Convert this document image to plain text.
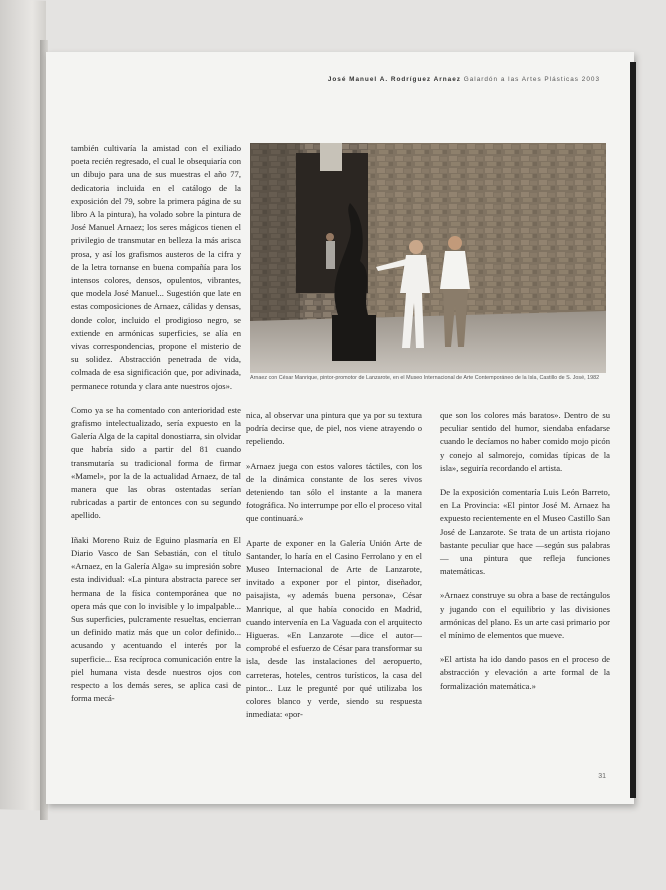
José Manuel A. Rodríguez Arnaez Galardón a las Artes Plásticas 2003

también cultivaría la amistad con el exiliado poeta recién regresado, el cual le obsequiaría con un dibujo para una de sus muestras el año 77, dedicatoria incluida en el catálogo de la exposición del 79, sobre la primera página de su libro A la pintura), ha volado sobre la pintura de José Manuel Arnaez; los seres mágicos tienen el privilegio de transmutar en belleza la más arisca prosa, y así los grafismos austeros de la cifra y de la letra tornanse en buena compañía para los intensos colores, densos, opulentos, vibrantes, que modela José Manuel... Sugestión que late en estas composiciones de Arnaez, cálidas y densas, donde color, incluido el prodigioso negro, se extiende en armónicas superficies, se alía en vivas correspondencias, propone el misterio de su solidez. Abstracción penetrada de vida, colmada de esa significación que, por adivinada, permanece rotunda y clara ante nuestros ojos».

Como ya se ha comentado con anterioridad este grafismo intelectualizado, sería expuesto en la Galería Alga de la capital donostiarra, sin olvidar que habría sido a partir del 81 cuando transmutaría su tradicional forma de firmar «Mamel», por la de la actualidad Arnaez, de tal manera que las obras ostentadas serían rubricadas a partir de entonces con su segundo apellido.

Iñaki Moreno Ruiz de Eguino plasmaría en El Diario Vasco de San Sebastián, con el título «Arnaez, en la Galería Alga» su impresión sobre esta individual: «La pintura abstracta parece ser hermana de la física contemporánea que no opera más que con lo invisible y lo impalpable... Sus superficies, pulcramente resueltas, encierran un definido matiz más que un color definido... acusando y acentuando el interés por la superficie... Esa recíproca comunicación entre la piel humana vista desde nuestros ojos con respecto a los demás seres, se aplica casi de forma mecá-

Arnaez con César Manrique, pintor-promotor de Lanzarote, en el Museo Internacional de Arte Contemporáneo de la Isla, Castillo de S. José, 1982

nica, al observar una pintura que ya por su textura podría decirse que, de piel, nos viene atrayendo o repeliendo.

»Arnaez juega con estos valores táctiles, con los de la dinámica constante de los seres vivos deteniendo tan sólo el instante a la manera fotográfica. No interrumpe por ello el proceso vital que continuará.»

Aparte de exponer en la Galería Unión Arte de Santander, lo haría en el Casino Ferrolano y en el Museo Internacional de Arte de Lanzarote, invitado a exponer por el pintor, diseñador, paisajista, «y además buena persona», César Manrique, al que había conocido en Madrid, cuando intervenía en La Vaguada con el arquitecto Higueras. «En Lanzarote —dice el autor— comprobé el esfuerzo de César para transformar su isla, desde las instalaciones del aeropuerto, carreteras, hoteles, centros turísticos, la casa del pintor... Luz le pregunté por qué utilizaba los colores blanco y verde, siendo su respuesta inmediata: «por-

que son los colores más baratos». Dentro de su peculiar sentido del humor, siendaba enfadarse cuando le decíamos no haber comido mojo picón y conejo al salmorejo, comidas típicas de la isla», seguiría recordando el artista.

De la exposición comentaría Luis León Barreto, en La Provincia: «El pintor José M. Arnaez ha expuesto recientemente en el Museo Castillo San José de Lanzarote. Se trata de un artista riojano bastante peculiar que hace —según sus palabras— una pintura que refleja funciones matemáticas.

»Arnaez construye su obra a base de rectángulos y jugando con el equilibrio y las divisiones armónicas del plano. Es un arte casi primario por el mínimo de elementos que mueve.

»El artista ha ido dando pasos en el proceso de abstracción y elevación a arte formal de la formalización matemática.»

31
